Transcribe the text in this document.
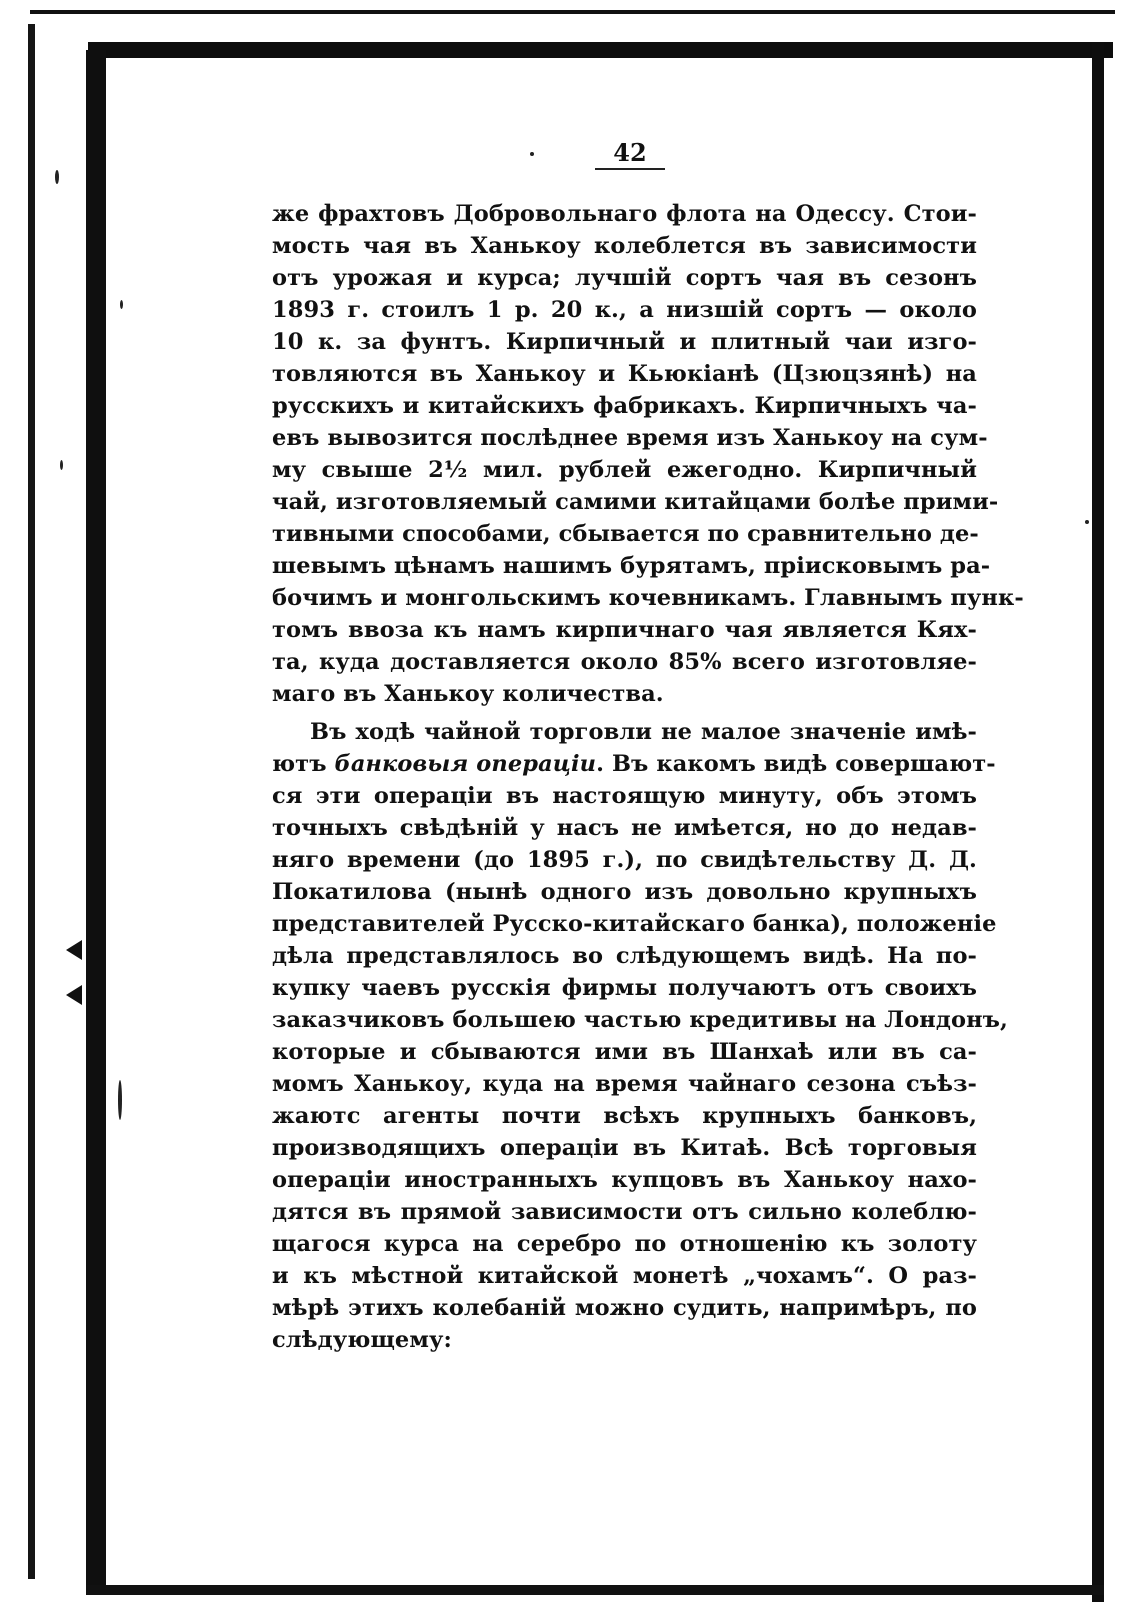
42
же фрахтовъ Добровольнаго флота на Одессу. Стои-
мость чая въ Ханькоу колеблется въ зависимости
отъ урожая и курса; лучшій сортъ чая въ сезонъ
1893 г. стоилъ 1 р. 20 к., а низшій сортъ — около
10 к. за фунтъ. Кирпичный и плитный чаи изго-
товляются въ Ханькоу и Кьюкіанѣ (Цзюцзянѣ) на
русскихъ и китайскихъ фабрикахъ. Кирпичныхъ ча-
евъ вывозится послѣднее время изъ Ханькоу на сум-
му свыше 2½ мил. рублей ежегодно. Кирпичный
чай, изготовляемый самими китайцами болѣе прими-
тивными способами, сбывается по сравнительно де-
шевымъ цѣнамъ нашимъ бурятамъ, пріисковымъ ра-
бочимъ и монгольскимъ кочевникамъ. Главнымъ пунк-
томъ ввоза къ намъ кирпичнаго чая является Кях-
та, куда доставляется около 85% всего изготовляе-
маго въ Ханькоу количества.
Въ ходѣ чайной торговли не малое значеніе имѣ-
ютъ банковыя операціи. Въ какомъ видѣ совершают-
ся эти операціи въ настоящую минуту, объ этомъ
точныхъ свѣдѣній у насъ не имѣется, но до недав-
няго времени (до 1895 г.), по свидѣтельству Д. Д.
Покатилова (нынѣ одного изъ довольно крупныхъ
представителей Русско-китайскаго банка), положеніе
дѣла представлялось во слѣдующемъ видѣ. На по-
купку чаевъ русскія фирмы получаютъ отъ своихъ
заказчиковъ большею частью кредитивы на Лондонъ,
которые и сбываются ими въ Шанхаѣ или въ са-
момъ Ханькоу, куда на время чайнаго сезона съѣз-
жаютс агенты почти всѣхъ крупныхъ банковъ,
производящихъ операціи въ Китаѣ. Всѣ торговыя
операціи иностранныхъ купцовъ въ Ханькоу нахо-
дятся въ прямой зависимости отъ сильно колеблю-
щагося курса на серебро по отношенію къ золоту
и къ мѣстной китайской монетѣ „чохамъ“. О раз-
мѣрѣ этихъ колебаній можно судить, напримѣръ, по
слѣдующему:
